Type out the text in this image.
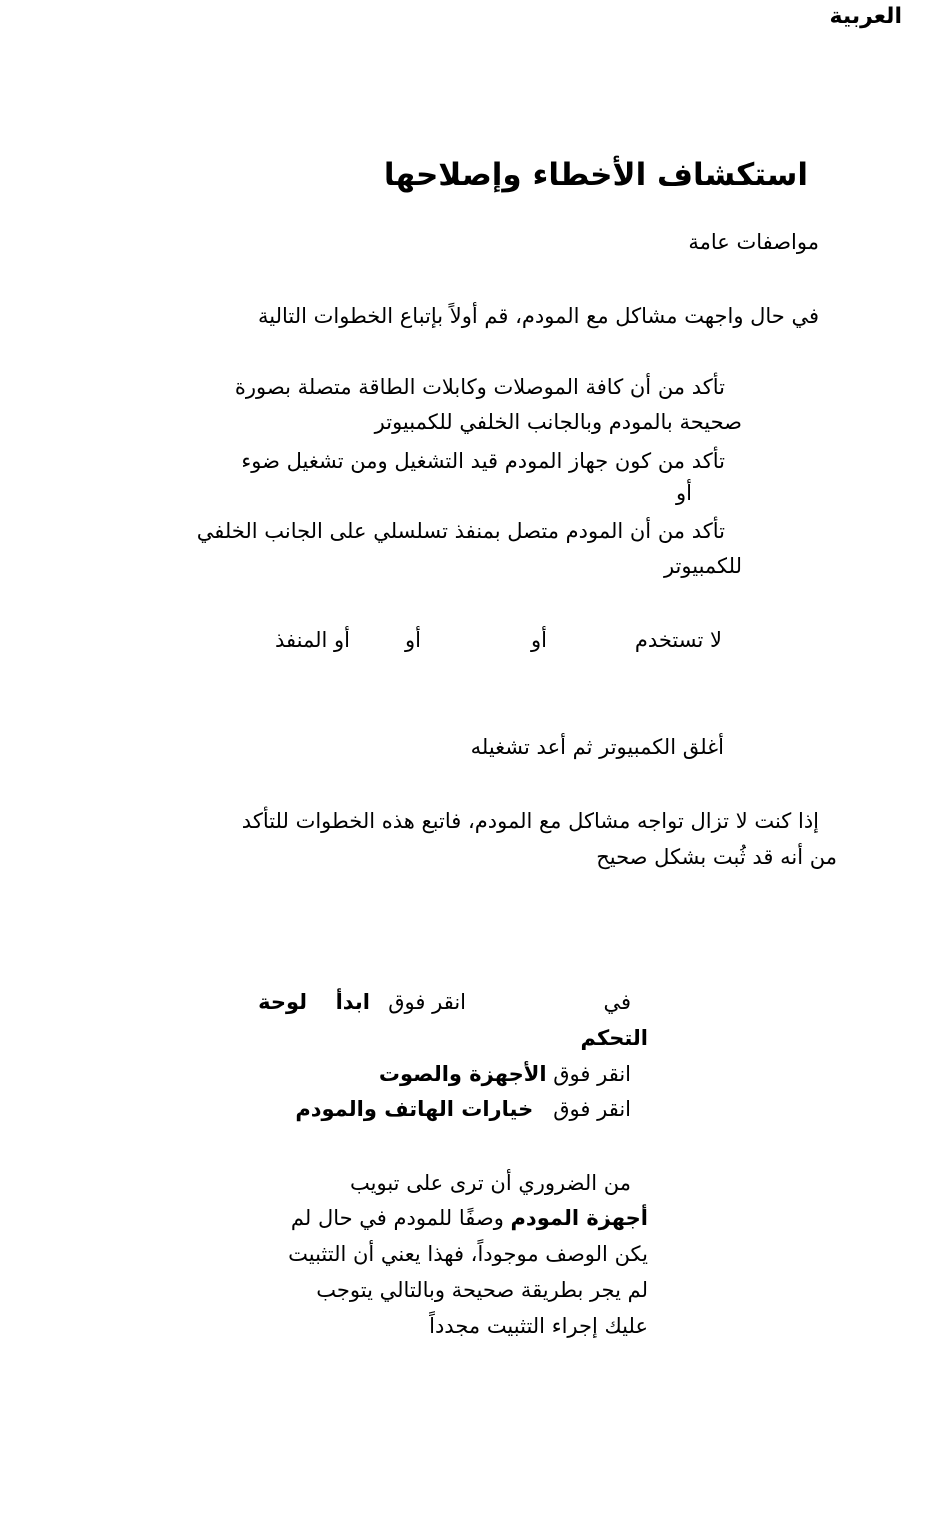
العربية
استكشاف الأخطاء وإصلاحها
مواصفات عامة
في حال واجهت مشاكل مع المودم، قم أولاً بإتباع الخطوات التالية
تأكد من أن كافة الموصلات وكابلات الطاقة متصلة بصورة
صحيحة بالمودم وبالجانب الخلفي للكمبيوتر
تأكد من كون جهاز المودم قيد التشغيل ومن تشغيل ضوء
أو
تأكد من أن المودم متصل بمنفذ تسلسلي على الجانب الخلفي
للكمبيوتر
لا تستخدم
أو
أو
أو المنفذ
أغلق الكمبيوتر ثم أعد تشغيله
إذا كنت لا تزال تواجه مشاكل مع المودم، فاتبع هذه الخطوات للتأكد
من أنه قد ثُبت بشكل صحيح
في
انقر فوق
ابدأ
لوحة
التحكم
انقر فوق الأجهزة والصوت
انقر فوق   خيارات الهاتف والمودم
من الضروري أن ترى على تبويب
أجهزة المودم وصفًا للمودم في حال لم
يكن الوصف موجوداً، فهذا يعني أن التثبيت
لم يجر بطريقة صحيحة وبالتالي يتوجب
عليك إجراء التثبيت مجدداً
